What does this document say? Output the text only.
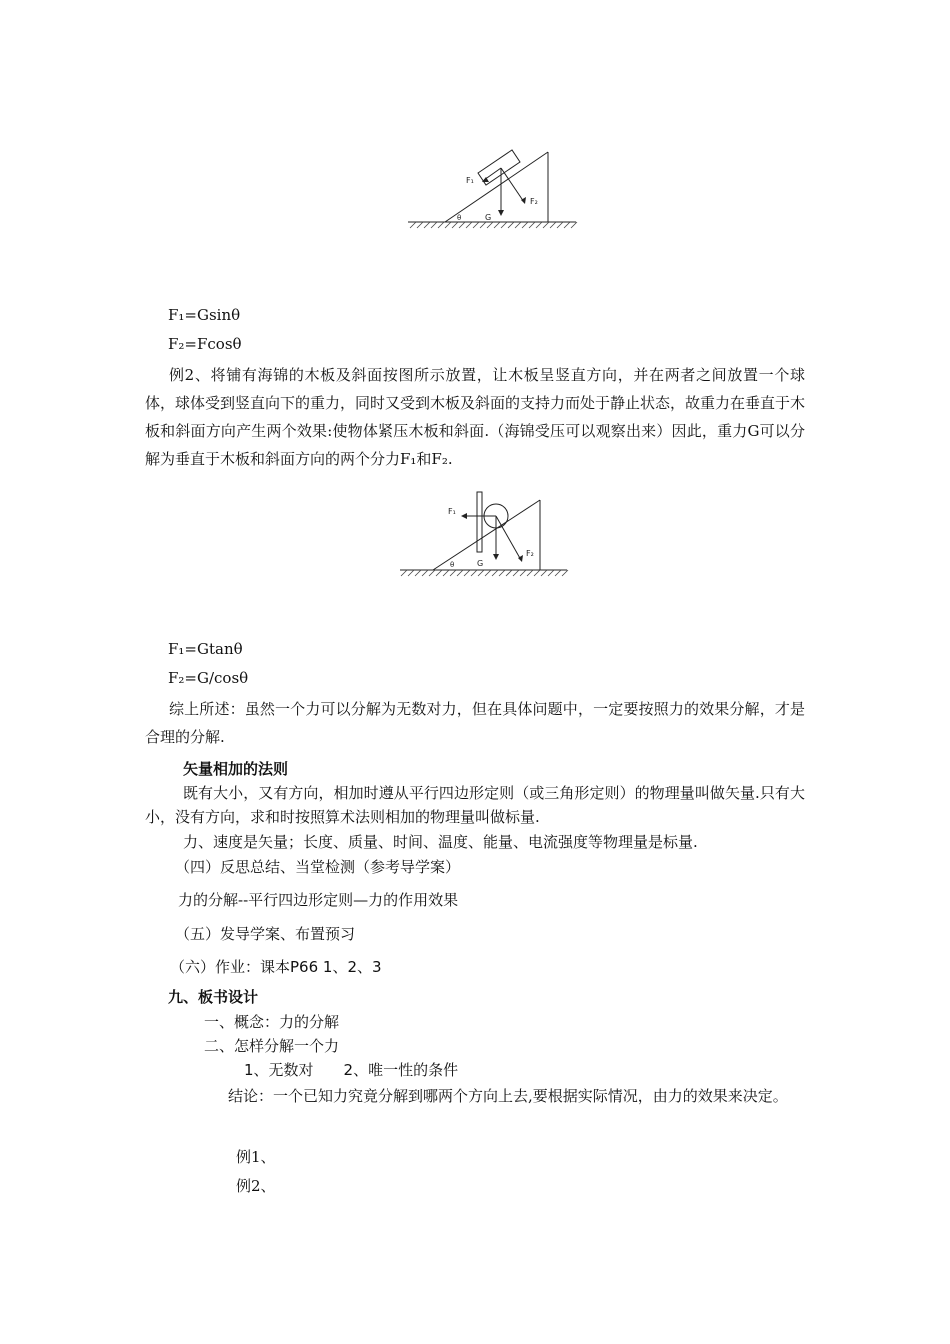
F₁
F₂
G
θ
F₁=Gsinθ
F₂=Fcosθ
例2、将铺有海锦的木板及斜面按图所示放置，让木板呈竖直方向，并在两者之间放置一个球体，球体受到竖直向下的重力，同时又受到木板及斜面的支持力而处于静止状态，故重力在垂直于木板和斜面方向产生两个效果:使物体紧压木板和斜面.（海锦受压可以观察出来）因此，重力G可以分解为垂直于木板和斜面方向的两个分力F₁和F₂.
F₁
F₂
G
θ
F₁=Gtanθ
F₂=G/cosθ
综上所述：虽然一个力可以分解为无数对力，但在具体问题中，一定要按照力的效果分解，才是合理的分解.
矢量相加的法则
既有大小，又有方向，相加时遵从平行四边形定则（或三角形定则）的物理量叫做矢量.只有大小，没有方向，求和时按照算术法则相加的物理量叫做标量.
力、速度是矢量；长度、质量、时间、温度、能量、电流强度等物理量是标量.
（四）反思总结、当堂检测（参考导学案）
力的分解--平行四边形定则—力的作用效果
（五）发导学案、布置预习
（六）作业：课本P66 1、2、3
九、板书设计
一、概念：力的分解
二、怎样分解一个力
1、无数对　　2、唯一性的条件
结论：一个已知力究竟分解到哪两个方向上去,要根据实际情况，由力的效果来决定。
例1、
例2、
